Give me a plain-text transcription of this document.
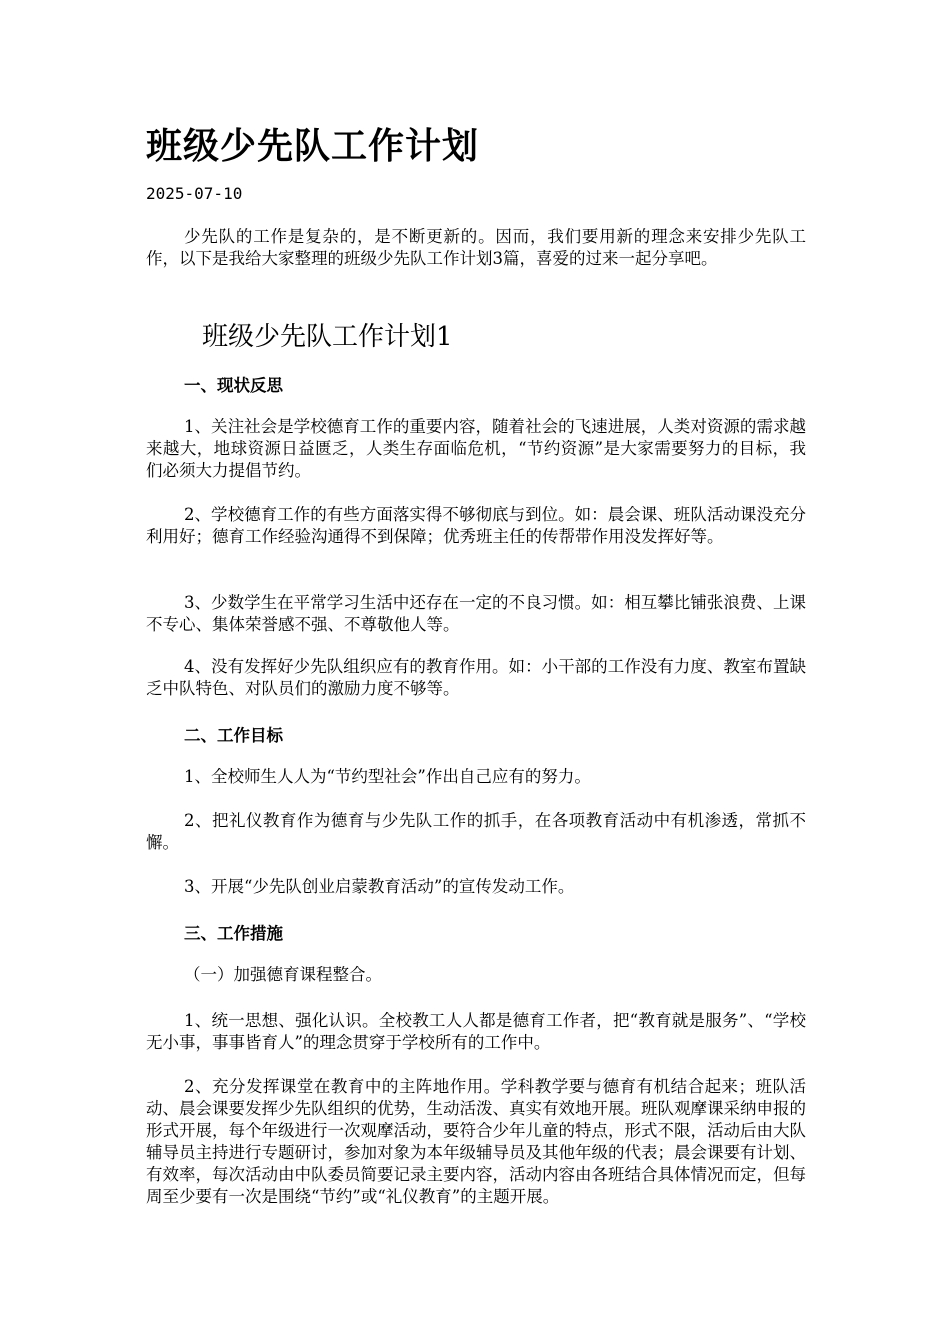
班级少先队工作计划
2025-07-10

少先队的工作是复杂的，是不断更新的。因而，我们要用新的理念来安排少先队工作，以下是我给大家整理的班级少先队工作计划3篇，喜爱的过来一起分享吧。

班级少先队工作计划1
一、现状反思

1、关注社会是学校德育工作的重要内容，随着社会的飞速进展，人类对资源的需求越来越大，地球资源日益匮乏，人类生存面临危机，“节约资源”是大家需要努力的目标，我们必须大力提倡节约。

2、学校德育工作的有些方面落实得不够彻底与到位。如：晨会课、班队活动课没充分利用好；德育工作经验沟通得不到保障；优秀班主任的传帮带作用没发挥好等。

3、少数学生在平常学习生活中还存在一定的不良习惯。如：相互攀比铺张浪费、上课不专心、集体荣誉感不强、不尊敬他人等。

4、没有发挥好少先队组织应有的教育作用。如：小干部的工作没有力度、教室布置缺乏中队特色、对队员们的激励力度不够等。

二、工作目标

1、全校师生人人为“节约型社会”作出自己应有的努力。

2、把礼仪教育作为德育与少先队工作的抓手，在各项教育活动中有机渗透，常抓不懈。

3、开展“少先队创业启蒙教育活动”的宣传发动工作。

三、工作措施

（一）加强德育课程整合。

1、统一思想、强化认识。全校教工人人都是德育工作者，把“教育就是服务”、“学校无小事，事事皆育人”的理念贯穿于学校所有的工作中。

2、充分发挥课堂在教育中的主阵地作用。学科教学要与德育有机结合起来；班队活动、晨会课要发挥少先队组织的优势，生动活泼、真实有效地开展。班队观摩课采纳申报的形式开展，每个年级进行一次观摩活动，要符合少年儿童的特点，形式不限，活动后由大队辅导员主持进行专题研讨，参加对象为本年级辅导员及其他年级的代表；晨会课要有计划、有效率，每次活动由中队委员简要记录主要内容，活动内容由各班结合具体情况而定，但每周至少要有一次是围绕“节约”或“礼仪教育”的主题开展。
